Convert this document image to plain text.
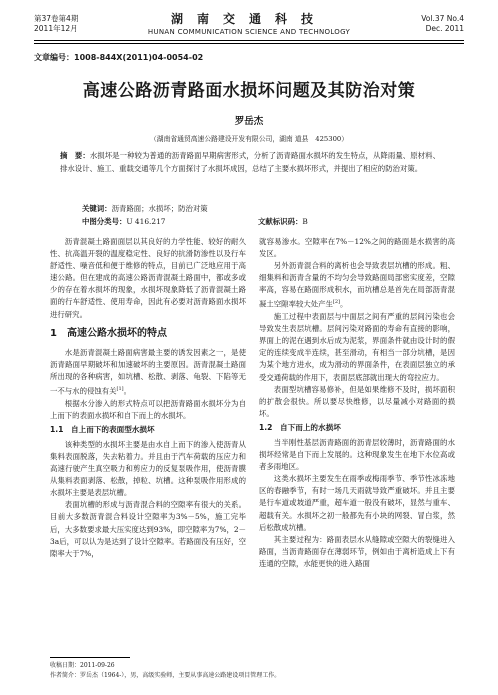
第37卷第4期
2011年12月
湖南交通科技
HUNAN COMMUNICATION SCIENCE AND TECHNOLOGY
Vol.37 No.4
Dec. 2011
文章编号：1008-844X(2011)04-0054-02
高速公路沥青路面水损坏问题及其防治对策
罗岳杰
（湖南省通贸高速公路建设开发有限公司，湖南 道县　425300）
摘　要：水损坏是一种较为普通的沥青路面早期病害形式，分析了沥青路面水损坏的发生特点，从降雨量、原材料、排水设计、施工、重载交通等几个方面探讨了水损坏成因，总结了主要水损坏形式，并提出了相应的防治对策。
关键词：沥青路面；水损坏；防治对策
中图分类号：U 416.217	文献标识码：B

沥青混凝土路面面层以其良好的力学性能、较好的耐久性、抗高温开裂的温度稳定性、良好的抗滑防渗性以及行车舒适性、噪音低和便于维修的特点，目前已广泛地应用于高速公路。但在建成的高速公路沥青混凝土路面中，都或多或少的存在着水损坏的现象，水损坏现象降低了沥青混凝土路面的行车舒适性、使用寿命，因此有必要对沥青路面水损坏进行研究。

1　高速公路水损坏的特点

水是沥青混凝土路面病害最主要的诱发因素之一，是使沥青路面早期破坏和加速破坏的主要原因。沥青混凝土路面所出现的各种病害，如坑槽、松散、剥落、龟裂、下陷等无一不与水的侵蚀有关[1]。

根据水分渗入的形式特点可以把沥青路面水损坏分为自上而下的表面水损坏和自下而上的水损坏。

1.1　自上而下的表面型水损坏

该种类型的水损坏主要是由水自上而下的渗入使沥青从集料表面脱落，失去粘着力。并且由于汽车荷载的压应力和高速行驶产生真空吸力和剪应力的反复泵吸作用，使沥青膜从集料表面剥落、松散，掉粒、坑槽。这种泵吸作用形成的水损坏主要是表层坑槽。

表面坑槽的形成与沥青混合料的空隙率有很大的关系。目前大多数沥青混合料设计空隙率为3%－5%，施工完毕后，大多数要求最大压实度达到93%，即空隙率为7%，2－3a后，可以认为是达到了设计空隙率。若路面没有压好，空隙率大于7%，

就容易渗水。空隙率在7%－12%之间的路面是水损害的高发区。

另外沥青混合料的离析也会导致表层坑槽的形成。粗、细集料和沥青含量的不均匀会导致路面局部密实度差，空隙率高，容易在路面形成积水，而坑槽总是首先在局部沥青混凝土空隙率较大处产生[2]。

施工过程中表面层与中面层之间有严重的层间污染也会导致发生表层坑槽。层间污染对路面的寿命有直接的影响，界面上的泥在遇到水后成为泥浆，界面条件就由设计时的假定的连续变成半连续，甚至滑动，有相当一部分坑槽，是因为某个地方进水，成为滑动的界面条件，在表面层独立的承受交通荷载的作用下，表面层底部就出现大的弯拉应力。

表面型坑槽容易修补，但是如果维修不及时，损坏面积的扩散会很快。所以要尽快维修，以尽量减小对路面的损坏。

1.2　自下而上的水损坏

当半刚性基层沥青路面的沥青层较薄时，沥青路面的水损坏经常是自下而上发展的。这种现象发生在地下水位高或者多雨地区。

这类水损坏主要发生在雨季或梅雨季节、季节性冰冻地区的春融季节，有时一场几天雨就导致严重破坏。并且主要是行车道或坡道严重，超车道一般没有破坏，显然与重车、超载有关。水损坏之初一般都先有小块的网裂、冒白浆，然后松散成坑槽。

其主要过程为：路面表层水从缝隙或空隙大的裂缝进入路面，当沥青路面存在薄弱环节，例如由于离析造成上下有连通的空隙，水能更快的进入路面

收稿日期：2011-09-26
作者简介：罗岳杰（1964-），男，高级实验师，主要从事高速公路建设项目管理工作。
